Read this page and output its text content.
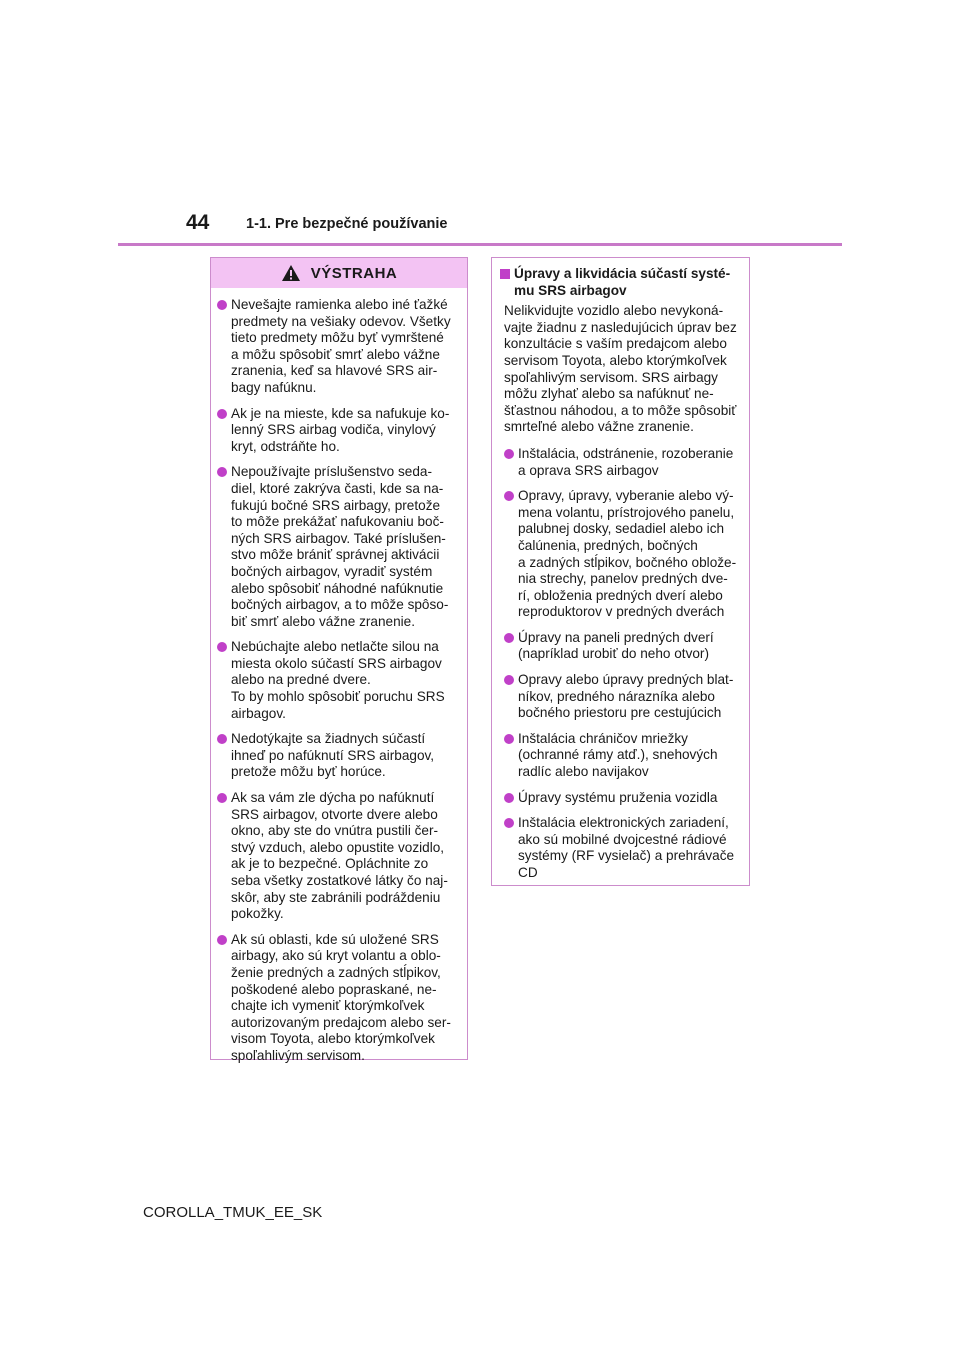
44	1-1. Pre bezpečné používanie
VÝSTRAHA
Nevešajte ramienka alebo iné ťažké
predmety na vešiaky odevov. Všetky
tieto predmety môžu byť vymrštené
a môžu spôsobiť smrť alebo vážne
zranenia, keď sa hlavové SRS air-
bagy nafúknu.
Ak je na mieste, kde sa nafukuje ko-
lenný SRS airbag vodiča, vinylový
kryt, odstráňte ho.
Nepoužívajte príslušenstvo seda-
diel, ktoré zakrýva časti, kde sa na-
fukujú bočné SRS airbagy, pretože
to môže prekážať nafukovaniu boč-
ných SRS airbagov. Také príslušen-
stvo môže brániť správnej aktivácii
bočných airbagov, vyradiť systém
alebo spôsobiť náhodné nafúknutie
bočných airbagov, a to môže spôso-
biť smrť alebo vážne zranenie.
Nebúchajte alebo netlačte silou na
miesta okolo súčastí SRS airbagov
alebo na predné dvere.
To by mohlo spôsobiť poruchu SRS
airbagov.
Nedotýkajte sa žiadnych súčastí
ihneď po nafúknutí SRS airbagov,
pretože môžu byť horúce.
Ak sa vám zle dýcha po nafúknutí
SRS airbagov, otvorte dvere alebo
okno, aby ste do vnútra pustili čer-
stvý vzduch, alebo opustite vozidlo,
ak je to bezpečné. Opláchnite zo
seba všetky zostatkové látky čo naj-
skôr, aby ste zabránili podráždeniu
pokožky.
Ak sú oblasti, kde sú uložené SRS
airbagy, ako sú kryt volantu a oblo-
ženie predných a zadných stĺpikov,
poškodené alebo popraskané, ne-
chajte ich vymeniť ktorýmkoľvek
autorizovaným predajcom alebo ser-
visom Toyota, alebo ktorýmkoľvek
spoľahlivým servisom.
Úpravy a likvidácia súčastí systé-
mu SRS airbagov
Nelikvidujte vozidlo alebo nevykoná-
vajte žiadnu z nasledujúcich úprav bez
konzultácie s vaším predajcom alebo
servisom Toyota, alebo ktorýmkoľvek
spoľahlivým servisom. SRS airbagy
môžu zlyhať alebo sa nafúknuť ne-
šťastnou náhodou, a to môže spôsobiť
smrteľné alebo vážne zranenie.
Inštalácia, odstránenie, rozoberanie
a oprava SRS airbagov
Opravy, úpravy, vyberanie alebo vý-
mena volantu, prístrojového panelu,
palubnej dosky, sedadiel alebo ich
čalúnenia, predných, bočných
a zadných stĺpikov, bočného oblože-
nia strechy, panelov predných dve-
rí, obloženia predných dverí alebo
reproduktorov v predných dverách
Úpravy na paneli predných dverí
(napríklad urobiť do neho otvor)
Opravy alebo úpravy predných blat-
níkov, predného nárazníka alebo
bočného priestoru pre cestujúcich
Inštalácia chráničov mriežky
(ochranné rámy atď.), snehových
radlíc alebo navijakov
Úpravy systému pruženia vozidla
Inštalácia elektronických zariadení,
ako sú mobilné dvojcestné rádiové
systémy (RF vysielač) a prehrávače
CD
COROLLA_TMUK_EE_SK
